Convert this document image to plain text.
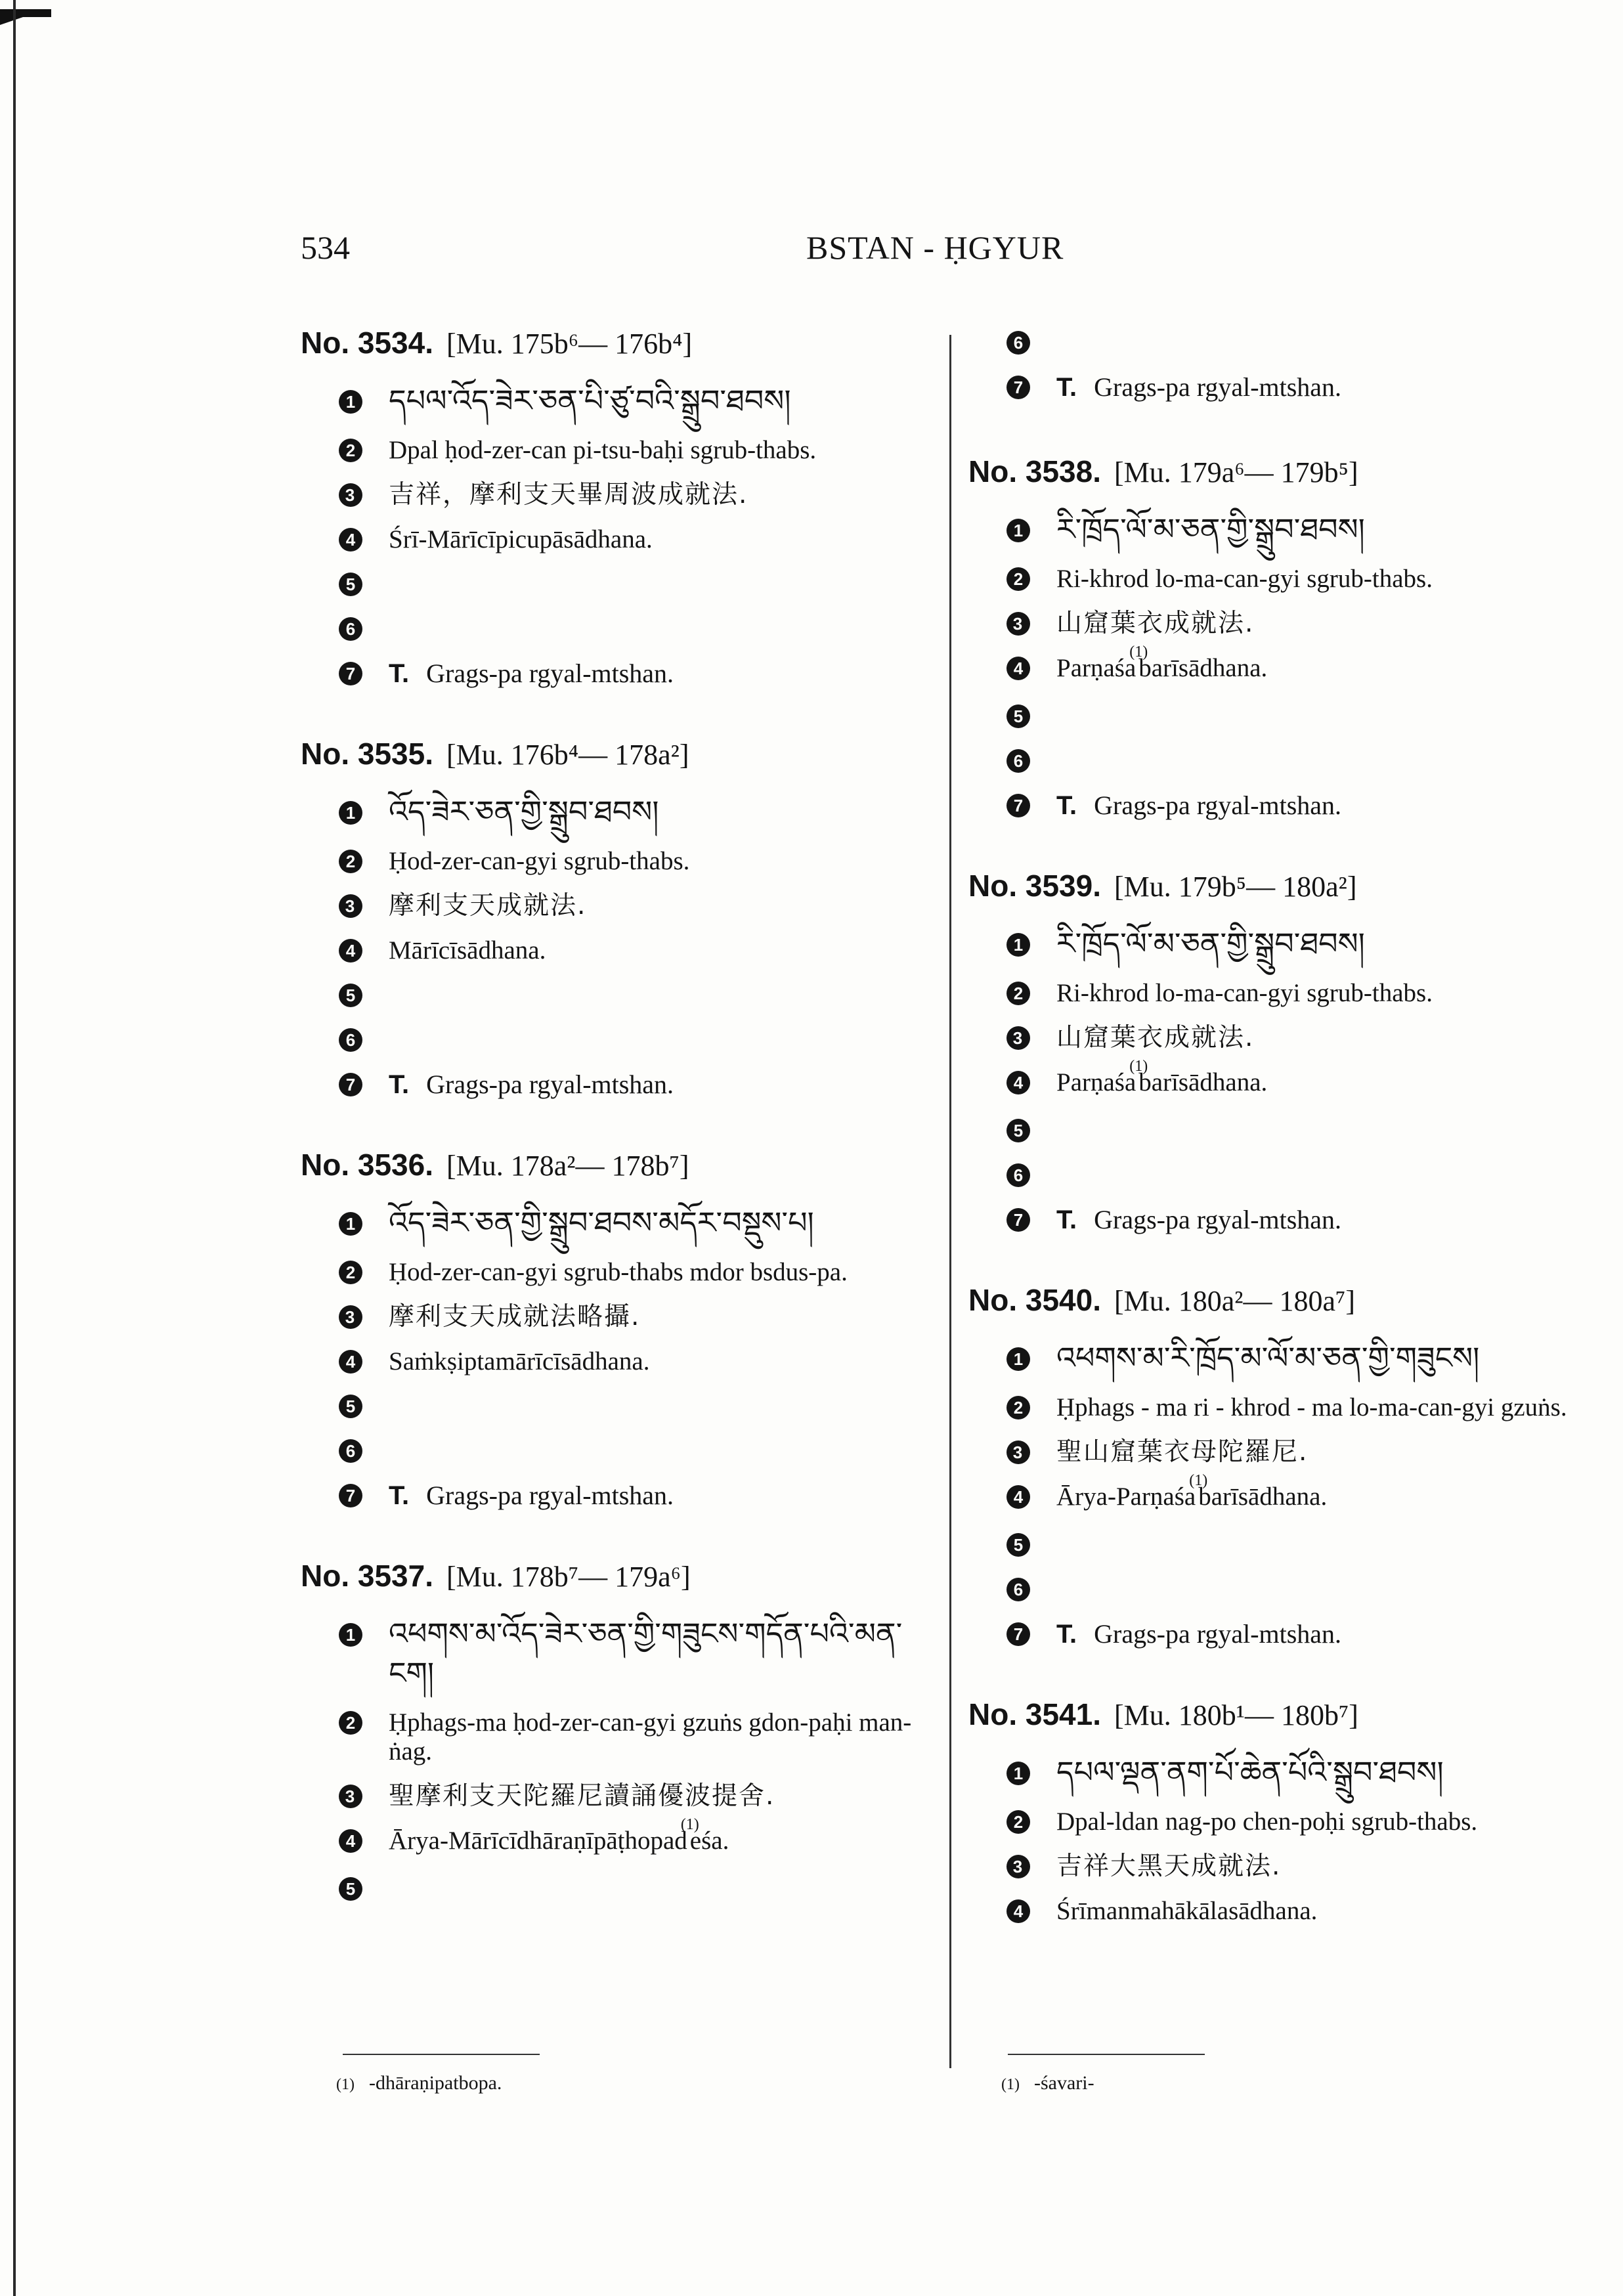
534	BSTAN - ḤGYUR
No. 3534. [Mu. 175b⁶— 176b⁴]
1 དཔལ་འོད་ཟེར་ཅན་པི་ཙུ་བའི་སྒྲུབ་ཐབས།
2 Dpal ḥod-zer-can pi-tsu-baḥi sgrub-thabs.
3 吉祥，摩利支天畢周波成就法.
4 Śrī-Mārīcīpicupāsādhana.
5
6
7 T. Grags-pa rgyal-mtshan.
No. 3535. [Mu. 176b⁴— 178a²]
1 འོད་ཟེར་ཅན་གྱི་སྒྲུབ་ཐབས།
2 Ḥod-zer-can-gyi sgrub-thabs.
3 摩利支天成就法.
4 Mārīcīsādhana.
5
6
7 T. Grags-pa rgyal-mtshan.
No. 3536. [Mu. 178a²— 178b⁷]
1 འོད་ཟེར་ཅན་གྱི་སྒྲུབ་ཐབས་མདོར་བསྡུས་པ།
2 Ḥod-zer-can-gyi sgrub-thabs mdor bsdus-pa.
3 摩利支天成就法略攝.
4 Saṁkṣiptamārīcīsādhana.
5
6
7 T. Grags-pa rgyal-mtshan.
No. 3537. [Mu. 178b⁷— 179a⁶]
1 འཕགས་མ་འོད་ཟེར་ཅན་གྱི་གཟུངས་གདོན་པའི་མན་ངག།
2 Ḥphags-ma ḥod-zer-can-gyi gzuṅs gdon-paḥi man-ṅag.
3 聖摩利支天陀羅尼讀誦優波提舍.
4 Ārya-Mārīcīdhāraṇīpāṭhopad$^{(1)}$eśa.
5
6
7 T. Grags-pa rgyal-mtshan.
No. 3538. [Mu. 179a⁶— 179b⁵]
1 རི་ཁྲོད་ལོ་མ་ཅན་གྱི་སྒྲུབ་ཐབས།
2 Ri-khrod lo-ma-can-gyi sgrub-thabs.
3 山窟葉衣成就法.
4 Parṇaśa$^{(1)}$barīsādhana.
5
6
7 T. Grags-pa rgyal-mtshan.
No. 3539. [Mu. 179b⁵— 180a²]
1 རི་ཁྲོད་ལོ་མ་ཅན་གྱི་སྒྲུབ་ཐབས།
2 Ri-khrod lo-ma-can-gyi sgrub-thabs.
3 山窟葉衣成就法.
4 Parṇaśa$^{(1)}$barīsādhana.
5
6
7 T. Grags-pa rgyal-mtshan.
No. 3540. [Mu. 180a²— 180a⁷]
1 འཕགས་མ་རི་ཁྲོད་མ་ལོ་མ་ཅན་གྱི་གཟུངས།
2 Ḥphags - ma ri - khrod - ma lo-ma-can-gyi gzuṅs.
3 聖山窟葉衣母陀羅尼.
4 Ārya-Parṇaśa$^{(1)}$barīsādhana.
5
6
7 T. Grags-pa rgyal-mtshan.
No. 3541. [Mu. 180b¹— 180b⁷]
1 དཔལ་ལྡན་ནག་པོ་ཆེན་པོའི་སྒྲུབ་ཐབས།
2 Dpal-ldan nag-po chen-poḥi sgrub-thabs.
3 吉祥大黑天成就法.
4 Śrīmanmahākālasādhana.
(1) -dhāraṇipatbopa.	(1) -śavari-
